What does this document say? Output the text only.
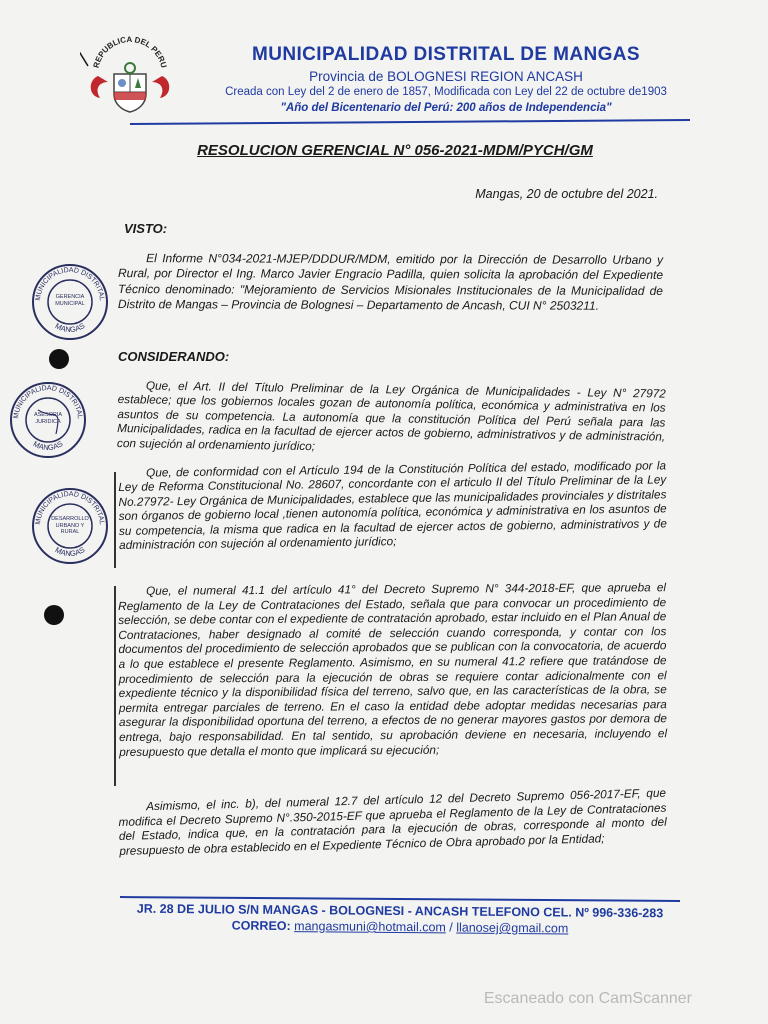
REPUBLICA DEL PERU	MUNICIPALIDAD DISTRITAL DE MANGAS
Provincia de BOLOGNESI REGION ANCASH
Creada con Ley del 2 de enero de 1857, Modificada con Ley del 22 de octubre de1903
"Año del Bicentenario del Perú: 200 años de Independencia"
RESOLUCION GERENCIAL N° 056-2021-MDM/PYCH/GM
Mangas, 20 de octubre del 2021.
VISTO:
El Informe N°034-2021-MJEP/DDDUR/MDM, emitido por la Dirección de Desarrollo Urbano y Rural, por Director el Ing. Marco Javier Engracio Padilla, quien solicita la aprobación del Expediente Técnico denominado: "Mejoramiento de Servicios Misionales Institucionales de la Municipalidad de Distrito de Mangas – Provincia de Bolognesi – Departamento de Ancash, CUI N° 2503211.
CONSIDERANDO:
Que, el Art. II del Título Preliminar de la Ley Orgánica de Municipalidades - Ley N° 27972 establece; que los gobiernos locales gozan de autonomía política, económica y administrativa en los asuntos de su competencia. La autonomía que la constitución Política del Perú señala para las Municipalidades, radica en la facultad de ejercer actos de gobierno, administrativos y de administración, con sujeción al ordenamiento jurídico;
Que, de conformidad con el Artículo 194 de la Constitución Política del estado, modificado por la Ley de Reforma Constitucional No. 28607, concordante con el articulo II del Título Preliminar de la Ley No.27972- Ley Orgánica de Municipalidades, establece que las municipalidades provinciales y distritales son órganos de gobierno local ,tienen autonomía política, económica y administrativa en los asuntos de su competencia, la misma que radica en la facultad de ejercer actos de gobierno, administrativos y de administración con sujeción al ordenamiento jurídico;
Que, el numeral 41.1 del artículo 41° del Decreto Supremo N° 344-2018-EF, que aprueba el Reglamento de la Ley de Contrataciones del Estado, señala que para convocar un procedimiento de selección, se debe contar con el expediente de contratación aprobado, estar incluido en el Plan Anual de Contrataciones, haber designado al comité de selección cuando corresponda, y contar con los documentos del procedimiento de selección aprobados que se publican con la convocatoria, de acuerdo a lo que establece el presente Reglamento. Asimismo, en su numeral 41.2 refiere que tratándose de procedimiento de selección para la ejecución de obras se requiere contar adicionalmente con el expediente técnico y la disponibilidad física del terreno, salvo que, en las características de la obra, se permita entregar parciales de terreno. En el caso la entidad debe adoptar medidas necesarias para asegurar la disponibilidad oportuna del terreno, a efectos de no generar mayores gastos por demora de entrega, bajo responsabilidad. En tal sentido, su aprobación deviene en necesaria, incluyendo el presupuesto que detalla el monto que implicará su ejecución;
Asimismo, el inc. b), del numeral 12.7 del artículo 12 del Decreto Supremo 056-2017-EF, que modifica el Decreto Supremo N°.350-2015-EF que aprueba el Reglamento de la Ley de Contrataciones del Estado, indica que, en la contratación para la ejecución de obras, corresponde al monto del presupuesto de obra establecido en el Expediente Técnico de Obra aprobado por la Entidad;
MUNICIPALIDAD DISTRITAL
MANGAS
GERENCIA MUNICIPAL
MUNICIPALIDAD DISTRITAL
MANGAS
ASESORIA JURIDICA
MUNICIPALIDAD DISTRITAL
MANGAS
DESARROLLO URBANO Y RURAL
JR. 28 DE JULIO S/N MANGAS - BOLOGNESI - ANCASH TELEFONO CEL. Nº 996-336-283
CORREO: mangasmuni@hotmail.com / llanosej@gmail.com
Escaneado con CamScanner
